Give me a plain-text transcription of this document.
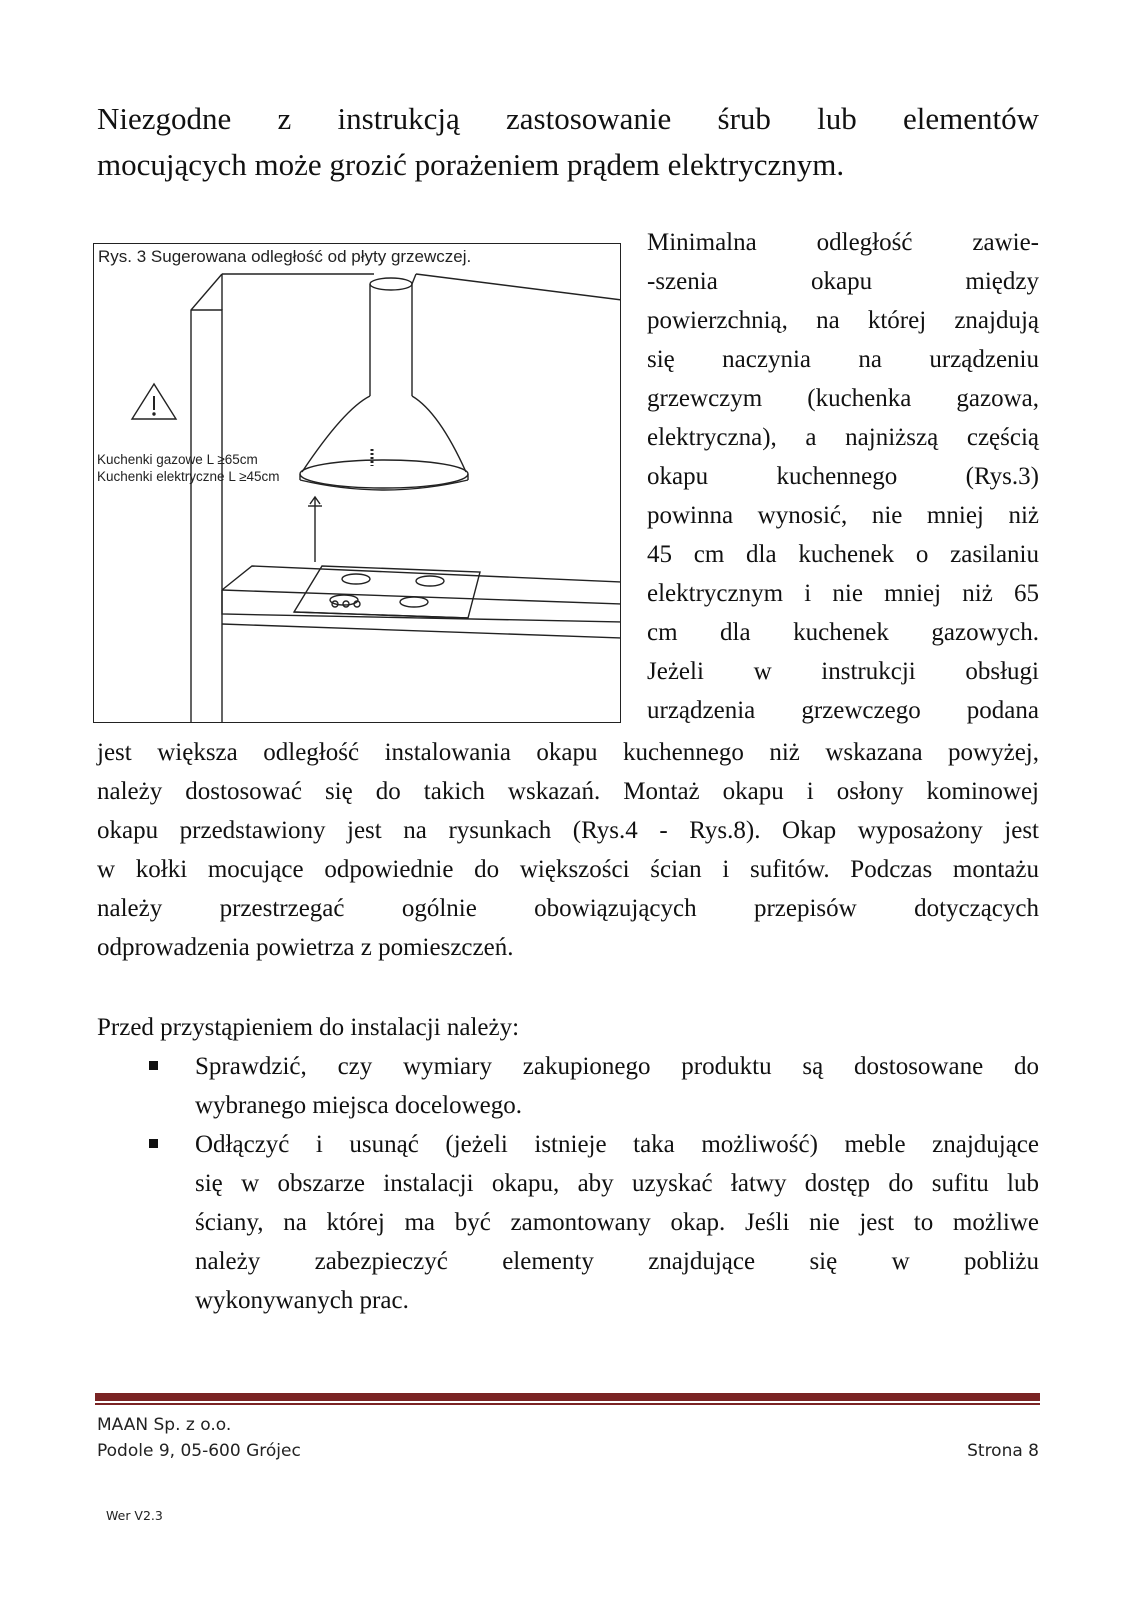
Niezgodne z instrukcją zastosowanie śrub lub elementów
mocujących może grozić porażeniem prądem elektrycznym.
Rys. 3 Sugerowana odległość od płyty grzewczej.
Kuchenki gazowe L ≥65cm
Kuchenki elektryczne L ≥45cm
Minimalna odległość zawie-
-szenia okapu między
powierzchnią, na której znajdują
się naczynia na urządzeniu
grzewczym (kuchenka gazowa,
elektryczna), a najniższą częścią
okapu kuchennego (Rys.3)
powinna wynosić, nie mniej niż
45 cm dla kuchenek o zasilaniu
elektrycznym i nie mniej niż 65
cm dla kuchenek gazowych.
Jeżeli w instrukcji obsługi
urządzenia grzewczego podana
jest większa odległość instalowania okapu kuchennego niż wskazana powyżej,
należy dostosować się do takich wskazań. Montaż okapu i osłony kominowej
okapu przedstawiony jest na rysunkach (Rys.4 - Rys.8). Okap wyposażony jest
w kołki mocujące odpowiednie do większości ścian i sufitów. Podczas montażu
należy przestrzegać ogólnie obowiązujących przepisów dotyczących
odprowadzenia powietrza z pomieszczeń.
Przed przystąpieniem do instalacji należy:
Sprawdzić, czy wymiary zakupionego produktu są dostosowane do
wybranego miejsca docelowego.
Odłączyć i usunąć (jeżeli istnieje taka możliwość) meble znajdujące
się w obszarze instalacji okapu, aby uzyskać łatwy dostęp do sufitu lub
ściany, na której ma być zamontowany okap. Jeśli nie jest to możliwe
należy zabezpieczyć elementy znajdujące się w pobliżu
wykonywanych prac.
MAAN Sp. z o.o.
Podole 9, 05-600 Grójec	Strona 8
Wer V2.3
